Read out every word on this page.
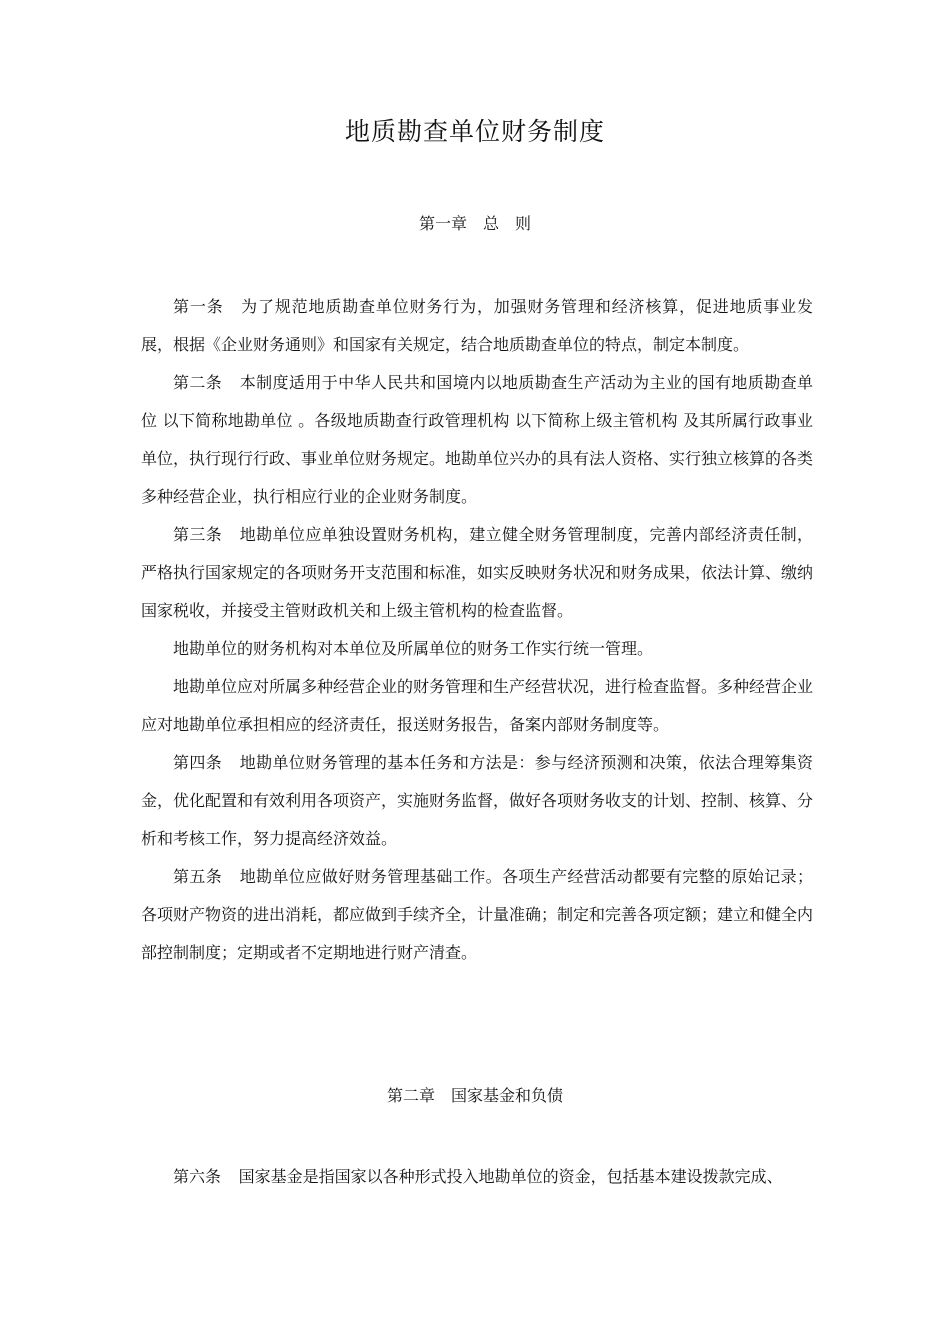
地质勘查单位财务制度
第一章　总　则

第一条 为了规范地质勘查单位财务行为，加强财务管理和经济核算，促进地质事业发展，根据《企业财务通则》和国家有关规定，结合地质勘查单位的特点，制定本制度。

第二条 本制度适用于中华人民共和国境内以地质勘查生产活动为主业的国有地质勘查单位 以下简称地勘单位 。各级地质勘查行政管理机构 以下简称上级主管机构 及其所属行政事业单位，执行现行行政、事业单位财务规定。地勘单位兴办的具有法人资格、实行独立核算的各类多种经营企业，执行相应行业的企业财务制度。

第三条 地勘单位应单独设置财务机构，建立健全财务管理制度，完善内部经济责任制，严格执行国家规定的各项财务开支范围和标准，如实反映财务状况和财务成果，依法计算、缴纳国家税收，并接受主管财政机关和上级主管机构的检查监督。

地勘单位的财务机构对本单位及所属单位的财务工作实行统一管理。

地勘单位应对所属多种经营企业的财务管理和生产经营状况，进行检查监督。多种经营企业应对地勘单位承担相应的经济责任，报送财务报告，备案内部财务制度等。

第四条 地勘单位财务管理的基本任务和方法是：参与经济预测和决策，依法合理筹集资金，优化配置和有效利用各项资产，实施财务监督，做好各项财务收支的计划、控制、核算、分析和考核工作，努力提高经济效益。

第五条 地勘单位应做好财务管理基础工作。各项生产经营活动都要有完整的原始记录；各项财产物资的进出消耗，都应做到手续齐全，计量准确；制定和完善各项定额；建立和健全内部控制制度；定期或者不定期地进行财产清查。

第二章　国家基金和负债

第六条 国家基金是指国家以各种形式投入地勘单位的资金，包括基本建设拨款完成、
